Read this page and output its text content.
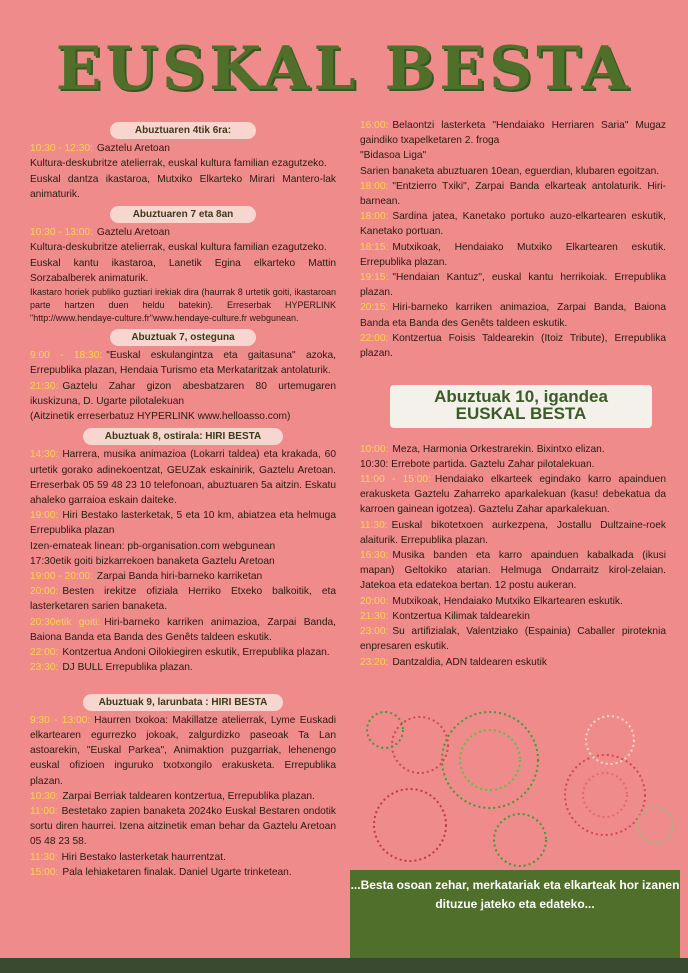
EUSKAL BESTA
Abuztuaren 4tik 6ra:

10:30 - 12:30: Gaztelu Aretoan

Kultura-deskubritze atelierrak, euskal kultura familian ezagutzeko.

Euskal dantza ikastaroa, Mutxiko Elkarteko Mirari Mantero-lak animaturik.

Abuztuaren 7 eta 8an

10:30 - 13:00: Gaztelu Aretoan

Kultura-deskubritze atelierrak, euskal kultura familian ezagutzeko.

Euskal kantu ikastaroa, Lanetik Egina elkarteko Mattin Sorzabalberek animaturik.

Ikastaro horiek publiko guztiari irekiak dira (haurrak 8 urtetik goiti, ikastaroan parte hartzen duen heldu batekin). Erreserbak HYPERLINK "http://www.hendaye-culture.fr"www.hendaye-culture.fr webgunean.

Abuztuak 7, osteguna

9:00 - 18:30: "Euskal eskulangintza eta gaitasuna" azoka, Errepublika plazan, Hendaia Turismo eta Merkataritzak antolaturik.

21:30: Gaztelu Zahar gizon abesbatzaren 80 urtemugaren ikuskizuna, D. Ugarte pilotalekuan

(Aitzinetik erreserbatuz HYPERLINK www.helloasso.com)

Abuztuak 8, ostirala: HIRI BESTA

14:30: Harrera, musika animazioa (Lokarri taldea) eta krakada, 60 urtetik gorako adinekoentzat, GEUZak eskainirik, Gaztelu Aretoan. Erreserbak 05 59 48 23 10 telefonoan, abuztuaren 5a aitzin. Eskatu ahaleko garraioa eskain daiteke.

19:00: Hiri Bestako lasterketak, 5 eta 10 km, abiatzea eta helmuga Errepublika plazan

Izen-emateak linean: pb-organisation.com webgunean

17:30etik goiti bizkarrekoen banaketa Gaztelu Aretoan

19:00 - 20:00: Zarpai Banda hiri-barneko karriketan

20:00: Besten irekitze ofiziala Herriko Etxeko balkoitik, eta lasterketaren sarien banaketa.

20:30etik goiti: Hiri-barneko karriken animazioa, Zarpai Banda, Baiona Banda eta Banda des Genêts taldeen eskutik.

22:00: Kontzertua Andoni Oilokiegiren eskutik, Errepublika plazan.

23:30: DJ BULL Errepublika plazan.

Abuztuak 9, larunbata : HIRI BESTA

9:30 - 13:00: Haurren txokoa: Makillatze atelierrak, Lyme Euskadi elkartearen egurrezko jokoak, zalgurdizko paseoak Ta Lan astoarekin, "Euskal Parkea", Animaktion puzgarriak, lehenengo euskal ofizioen inguruko txotxongilo erakusketa. Errepublika plazan.

10:30: Zarpai Berriak taldearen kontzertua, Errepublika plazan.

11:00: Bestetako zapien banaketa 2024ko Euskal Bestaren ondotik sortu diren haurrei. Izena aitzinetik eman behar da Gaztelu Aretoan 05 48 23 58.

11:30: Hiri Bestako lasterketak haurrentzat.

15:00: Pala lehiaketaren finalak. Daniel Ugarte trinketean.

16:00: Belaontzi lasterketa "Hendaiako Herriaren Saria" Mugaz gaindiko txapelketaren 2. froga

"Bidasoa Liga"

Sarien banaketa abuztuaren 10ean, eguerdian, klubaren egoitzan.

18:00: "Entzierro Txiki", Zarpai Banda elkarteak antolaturik. Hiri-barnean.

18:00: Sardina jatea, Kanetako portuko auzo-elkartearen eskutik, Kanetako portuan.

18:15: Mutxikoak, Hendaiako Mutxiko Elkartearen eskutik. Errepublika plazan.

19:15: "Hendaian Kantuz", euskal kantu herrikoiak. Errepublika plazan.

20:15: Hiri-barneko karriken animazioa, Zarpai Banda, Baiona Banda eta Banda des Genêts taldeen eskutik.

22:00: Kontzertua Foisis Taldearekin (Itoiz Tribute), Errepublika plazan.

Abuztuak 10, igandea
EUSKAL BESTA

10:00: Meza, Harmonia Orkestrarekin. Bixintxo elizan.

10:30: Errebote partida. Gaztelu Zahar pilotalekuan.

11:00 - 15:00: Hendaiako elkarteek egindako karro apainduen erakusketa Gaztelu Zaharreko aparkalekuan (kasu! debekatua da karroen gainean igotzea). Gaztelu Zahar aparkalekuan.

11:30: Euskal bikotetxoen aurkezpena, Jostallu Dultzaine-roek alaiturik. Errepublika plazan.

16:30: Musika banden eta karro apainduen kabalkada (ikusi mapan) Geltokiko atarian. Helmuga Ondarraitz kirol-zelaian. Jatekoa eta edatekoa bertan. 12 postu aukeran.

20:00: Mutxikoak, Hendaiako Mutxiko Elkartearen eskutik.

21:30: Kontzertua Kilimak taldearekin

23:00: Su artifizialak, Valentziako (Espainia) Caballer piroteknia enpresaren eskutik.

23:20: Dantzaldia, ADN taldearen eskutik

...Besta osoan zehar, merkatariak eta elkarteak hor izanen dituzue jateko eta edateko...
